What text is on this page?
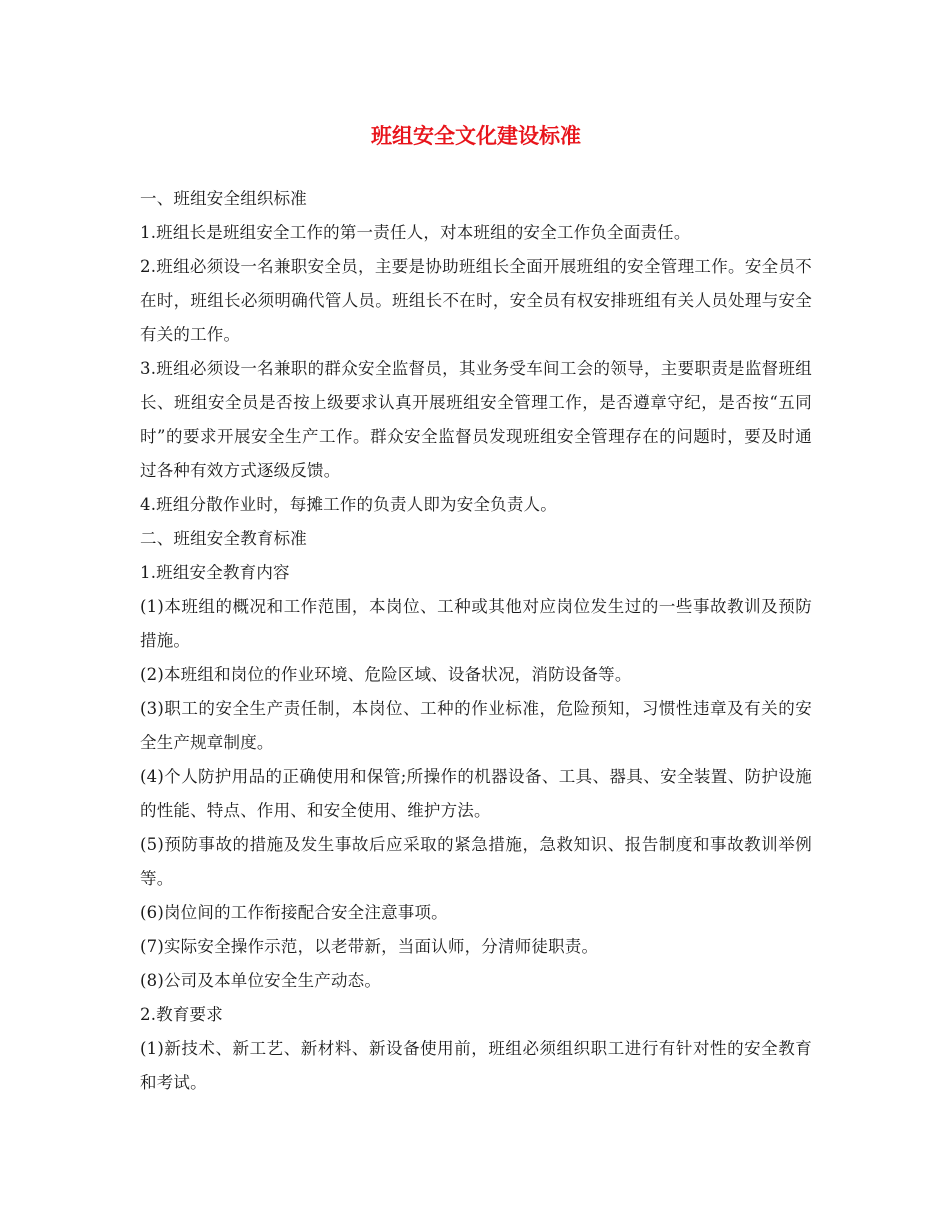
班组安全文化建设标准

一、班组安全组织标准

1.班组长是班组安全工作的第一责任人，对本班组的安全工作负全面责任。

2.班组必须设一名兼职安全员，主要是协助班组长全面开展班组的安全管理工作。安全员不在时，班组长必须明确代管人员。班组长不在时，安全员有权安排班组有关人员处理与安全有关的工作。

3.班组必须设一名兼职的群众安全监督员，其业务受车间工会的领导，主要职责是监督班组长、班组安全员是否按上级要求认真开展班组安全管理工作，是否遵章守纪，是否按“五同时”的要求开展安全生产工作。群众安全监督员发现班组安全管理存在的问题时，要及时通过各种有效方式逐级反馈。

4.班组分散作业时，每摊工作的负责人即为安全负责人。

二、班组安全教育标准

1.班组安全教育内容

(1)本班组的概况和工作范围，本岗位、工种或其他对应岗位发生过的一些事故教训及预防措施。

(2)本班组和岗位的作业环境、危险区域、设备状况，消防设备等。

(3)职工的安全生产责任制，本岗位、工种的作业标准，危险预知，习惯性违章及有关的安全生产规章制度。

(4)个人防护用品的正确使用和保管;所操作的机器设备、工具、器具、安全装置、防护设施的性能、特点、作用、和安全使用、维护方法。

(5)预防事故的措施及发生事故后应采取的紧急措施，急救知识、报告制度和事故教训举例等。

(6)岗位间的工作衔接配合安全注意事项。

(7)实际安全操作示范，以老带新，当面认师，分清师徒职责。

(8)公司及本单位安全生产动态。

2.教育要求

(1)新技术、新工艺、新材料、新设备使用前，班组必须组织职工进行有针对性的安全教育和考试。
